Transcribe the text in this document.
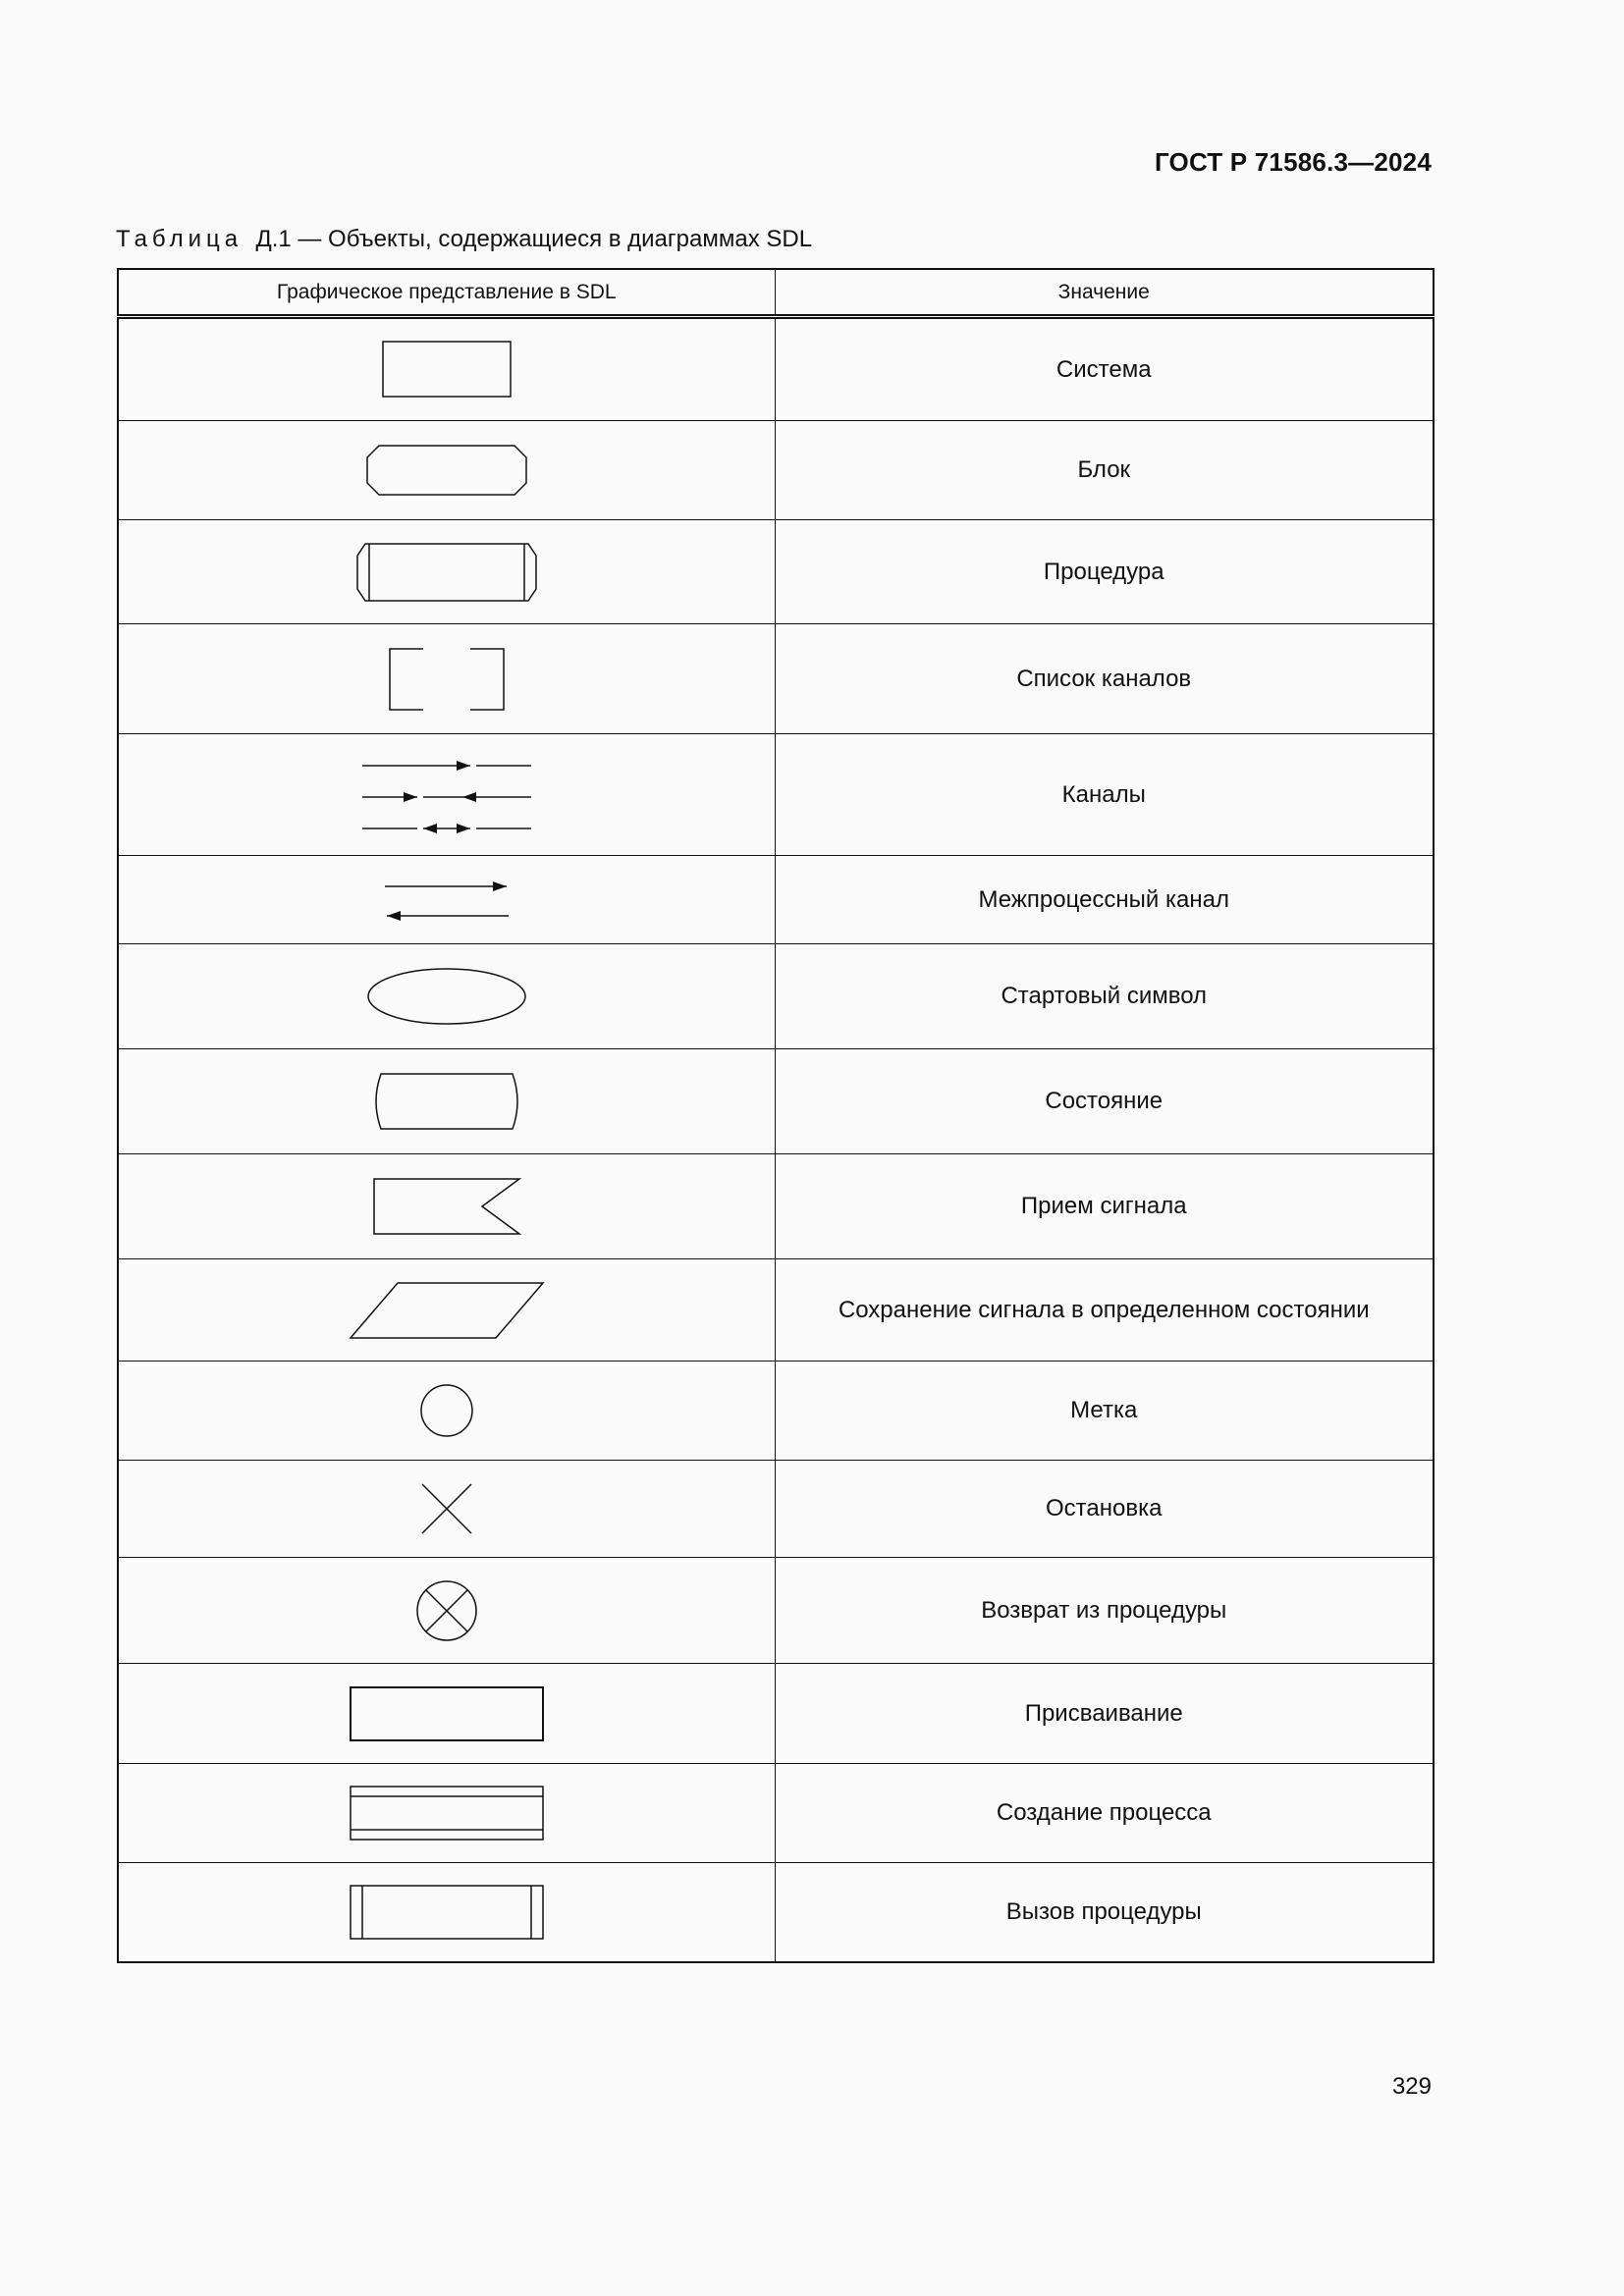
ГОСТ Р 71586.3—2024
Таблица Д.1 — Объекты, содержащиеся в диаграммах SDL
Графическое представление в SDL	Значение

	Система

	Блок

	Процедура

	Список каналов

	Каналы

	Межпроцессный канал

	Стартовый символ

	Состояние

	Прием сигнала

	Сохранение сигнала в определенном состоянии

	Метка

	Остановка

	Возврат из процедуры

	Присваивание

	Создание процесса

	Вызов процедуры
329
